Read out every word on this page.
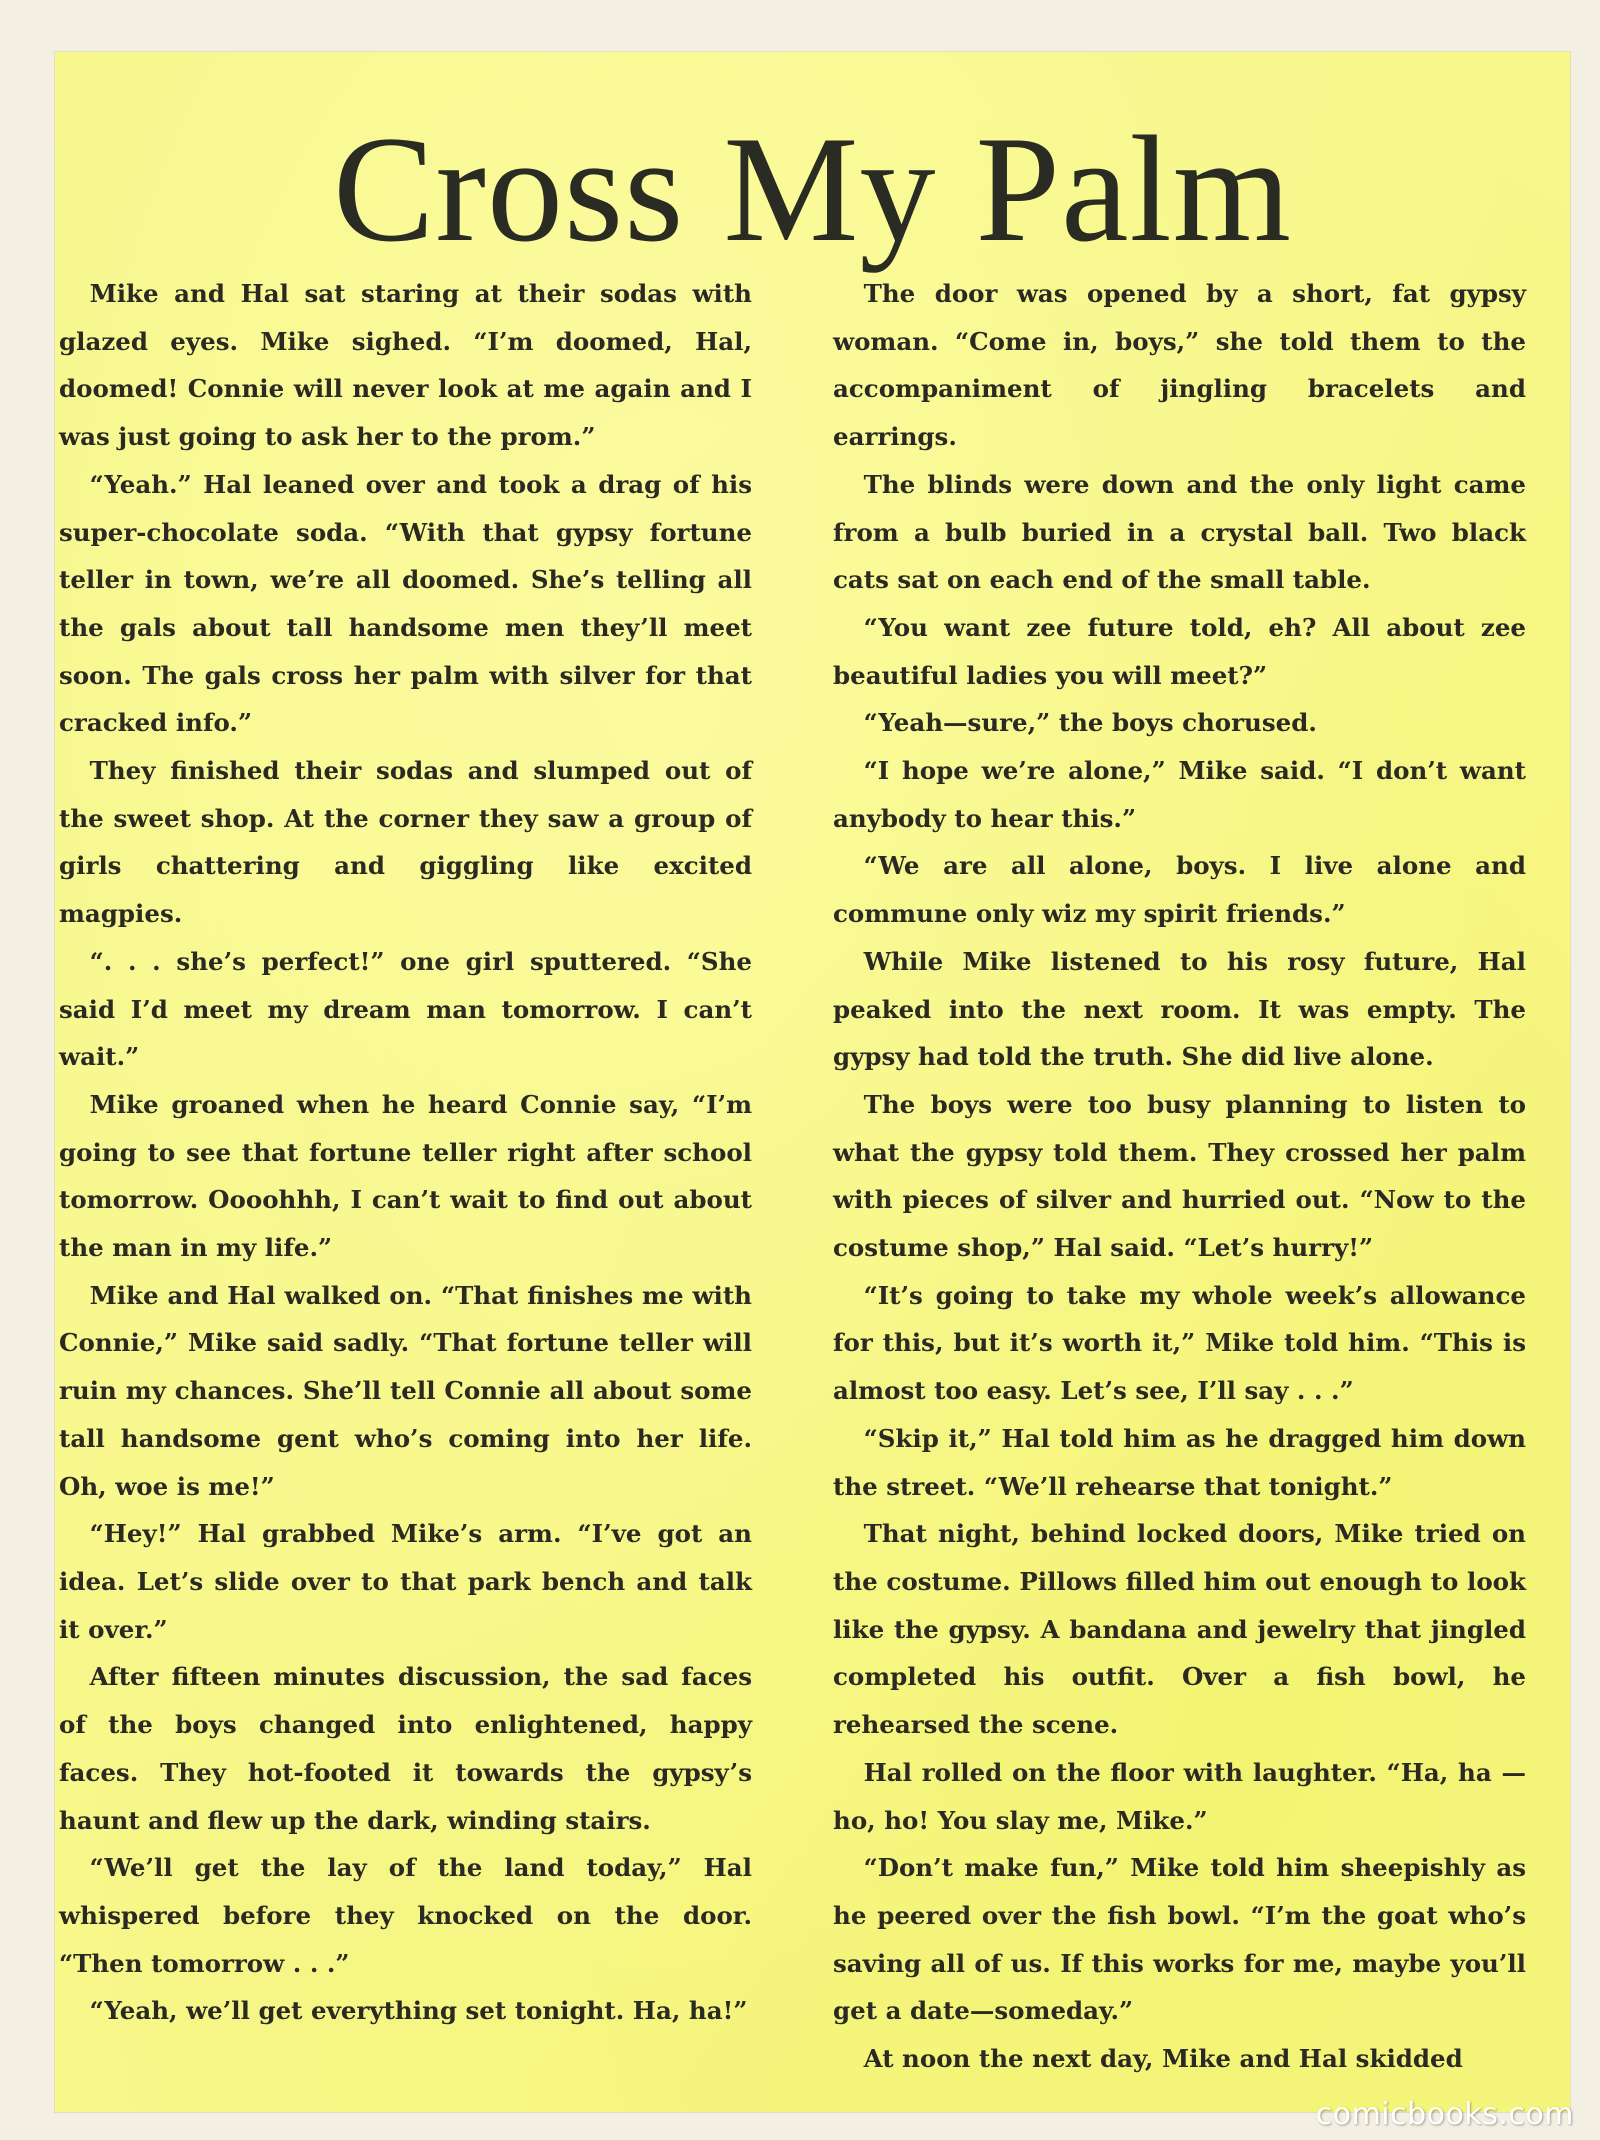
Cross My Palm

Mike and Hal sat staring at their sodas with glazed eyes. Mike sighed. “I’m doomed, Hal, doomed! Connie will never look at me again and I was just going to ask her to the prom.”

“Yeah.” Hal leaned over and took a drag of his super-chocolate soda. “With that gypsy fortune teller in town, we’re all doomed. She’s telling all the gals about tall handsome men they’ll meet soon. The gals cross her palm with silver for that cracked info.”

They finished their sodas and slumped out of the sweet shop. At the corner they saw a group of girls chattering and giggling like excited magpies.

“. . . she’s perfect!” one girl sputtered. “She said I’d meet my dream man tomorrow. I can’t wait.”

Mike groaned when he heard Connie say, “I’m going to see that fortune teller right after school tomorrow. Oooohhh, I can’t wait to find out about the man in my life.”

Mike and Hal walked on. “That finishes me with Connie,” Mike said sadly. “That fortune teller will ruin my chances. She’ll tell Connie all about some tall handsome gent who’s coming into her life. Oh, woe is me!”

“Hey!” Hal grabbed Mike’s arm. “I’ve got an idea. Let’s slide over to that park bench and talk it over.”

After fifteen minutes discussion, the sad faces of the boys changed into enlightened, happy faces. They hot-footed it towards the gypsy’s haunt and flew up the dark, winding stairs.

“We’ll get the lay of the land today,” Hal whispered before they knocked on the door. “Then tomorrow . . .”

“Yeah, we’ll get everything set tonight. Ha, ha!”

The door was opened by a short, fat gypsy woman. “Come in, boys,” she told them to the accompaniment of jingling bracelets and earrings.

The blinds were down and the only light came from a bulb buried in a crystal ball. Two black cats sat on each end of the small table.

“You want zee future told, eh? All about zee beautiful ladies you will meet?”

“Yeah—sure,” the boys chorused.

“I hope we’re alone,” Mike said. “I don’t want anybody to hear this.”

“We are all alone, boys. I live alone and commune only wiz my spirit friends.”

While Mike listened to his rosy future, Hal peaked into the next room. It was empty. The gypsy had told the truth. She did live alone.

The boys were too busy planning to listen to what the gypsy told them. They crossed her palm with pieces of silver and hurried out. “Now to the costume shop,” Hal said. “Let’s hurry!”

“It’s going to take my whole week’s allowance for this, but it’s worth it,” Mike told him. “This is almost too easy. Let’s see, I’ll say . . .”

“Skip it,” Hal told him as he dragged him down the street. “We’ll rehearse that tonight.”

That night, behind locked doors, Mike tried on the costume. Pillows filled him out enough to look like the gypsy. A bandana and jewelry that jingled completed his outfit. Over a fish bowl, he rehearsed the scene.

Hal rolled on the floor with laughter. “Ha, ha —ho, ho! You slay me, Mike.”

“Don’t make fun,” Mike told him sheepishly as he peered over the fish bowl. “I’m the goat who’s saving all of us. If this works for me, maybe you’ll get a date—someday.”

At noon the next day, Mike and Hal skidded

comicbooks.com
